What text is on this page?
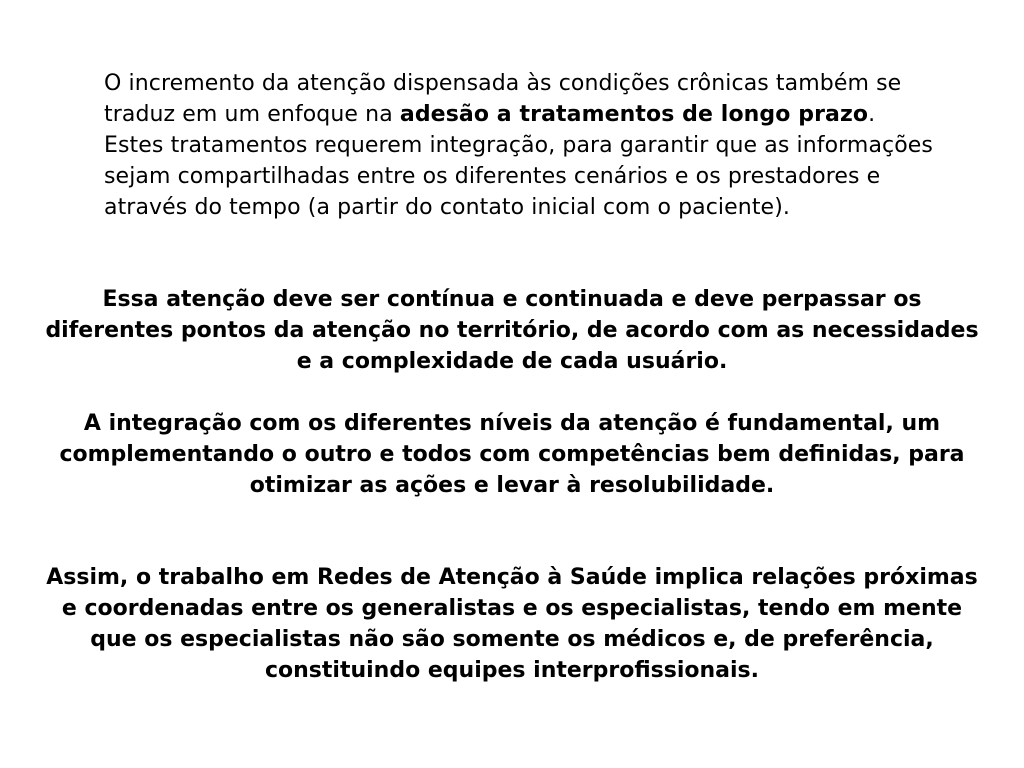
O incremento da atenção dispensada às condições crônicas também se traduz em um enfoque na adesão a tratamentos de longo prazo. Estes tratamentos requerem integração, para garantir que as informações sejam compartilhadas entre os diferentes cenários e os prestadores e através do tempo (a partir do contato inicial com o paciente).

Essa atenção deve ser contínua e continuada e deve perpassar os diferentes pontos da atenção no território, de acordo com as necessidades e a complexidade de cada usuário.

A integração com os diferentes níveis da atenção é fundamental, um complementando o outro e todos com competências bem definidas, para otimizar as ações e levar à resolubilidade.

Assim, o trabalho em Redes de Atenção à Saúde implica relações próximas e coordenadas entre os generalistas e os especialistas, tendo em mente que os especialistas não são somente os médicos e, de preferência, constituindo equipes interprofissionais.
